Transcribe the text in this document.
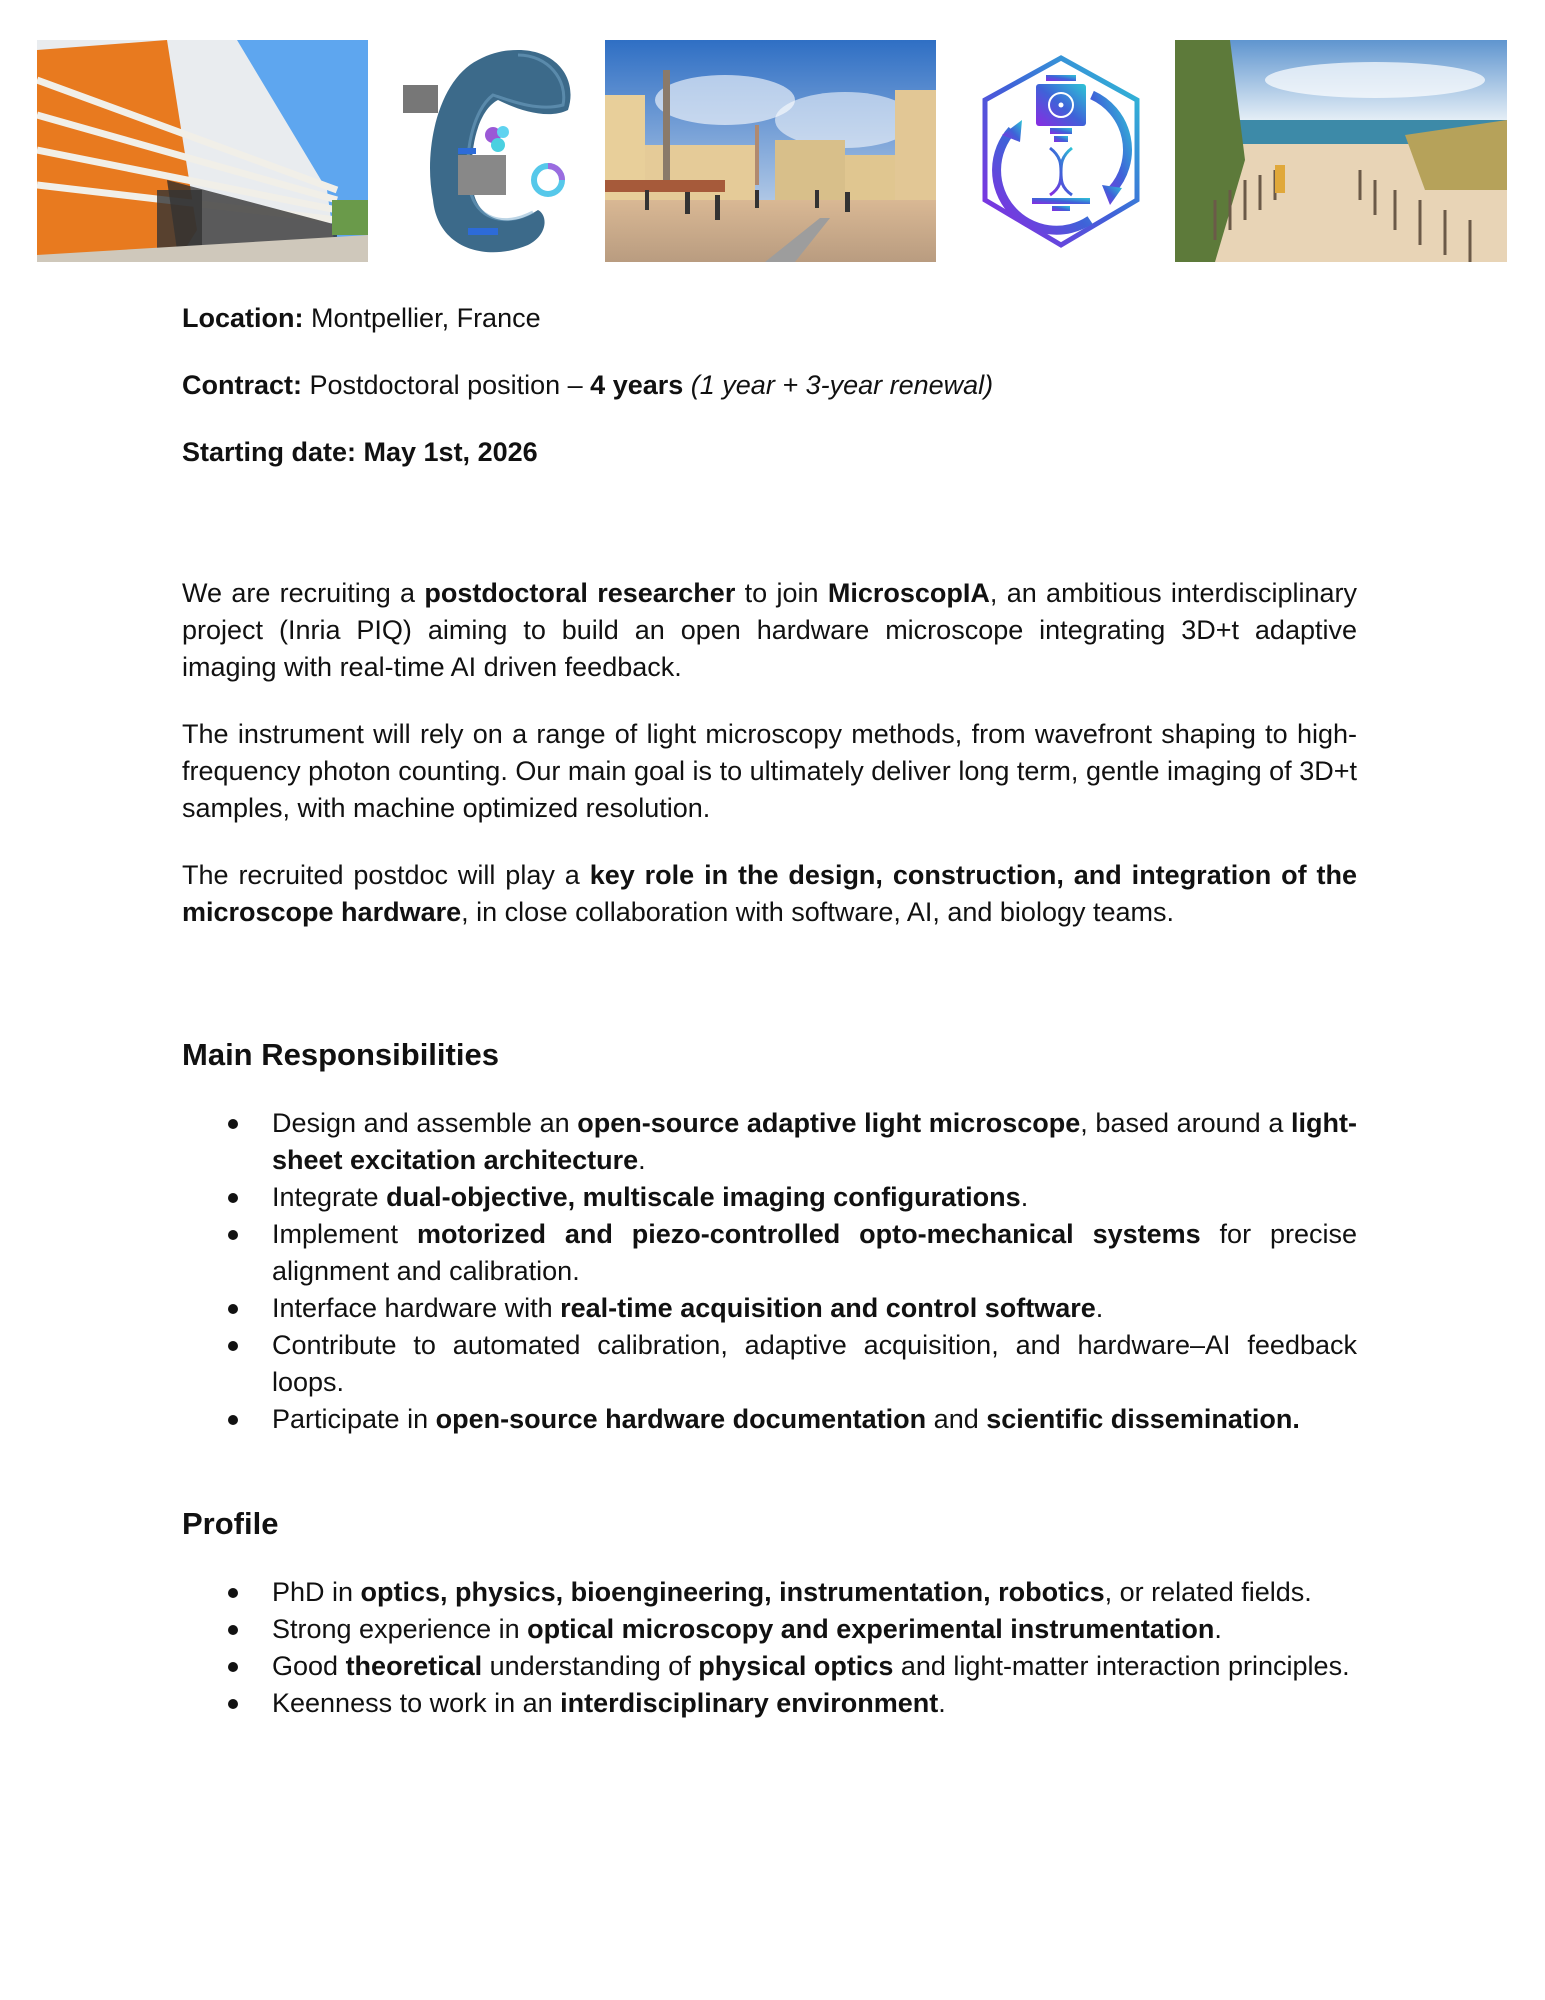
Location: Montpellier, France

Contract: Postdoctoral position – 4 years (1 year + 3-year renewal)

Starting date: May 1st, 2026

We are recruiting a postdoctoral researcher to join MicroscopIA, an ambitious interdisciplinary project (Inria PIQ) aiming to build an open hardware microscope integrating 3D+t adaptive imaging with real-time AI driven feedback.

The instrument will rely on a range of light microscopy methods, from wavefront shaping to high-frequency photon counting. Our main goal is to ultimately deliver long term, gentle imaging of 3D+t samples, with machine optimized resolution.

The recruited postdoc will play a key role in the design, construction, and integration of the microscope hardware, in close collaboration with software, AI, and biology teams.

Main Responsibilities
Design and assemble an open-source adaptive light microscope, based around a light-sheet excitation architecture.
Integrate dual-objective, multiscale imaging configurations.
Implement motorized and piezo-controlled opto-mechanical systems for precise alignment and calibration.
Interface hardware with real-time acquisition and control software.
Contribute to automated calibration, adaptive acquisition, and hardware–AI feedback loops.
Participate in open-source hardware documentation and scientific dissemination.
Profile
PhD in optics, physics, bioengineering, instrumentation, robotics, or related fields.
Strong experience in optical microscopy and experimental instrumentation.
Good theoretical understanding of physical optics and light-matter interaction principles.
Keenness to work in an interdisciplinary environment.
